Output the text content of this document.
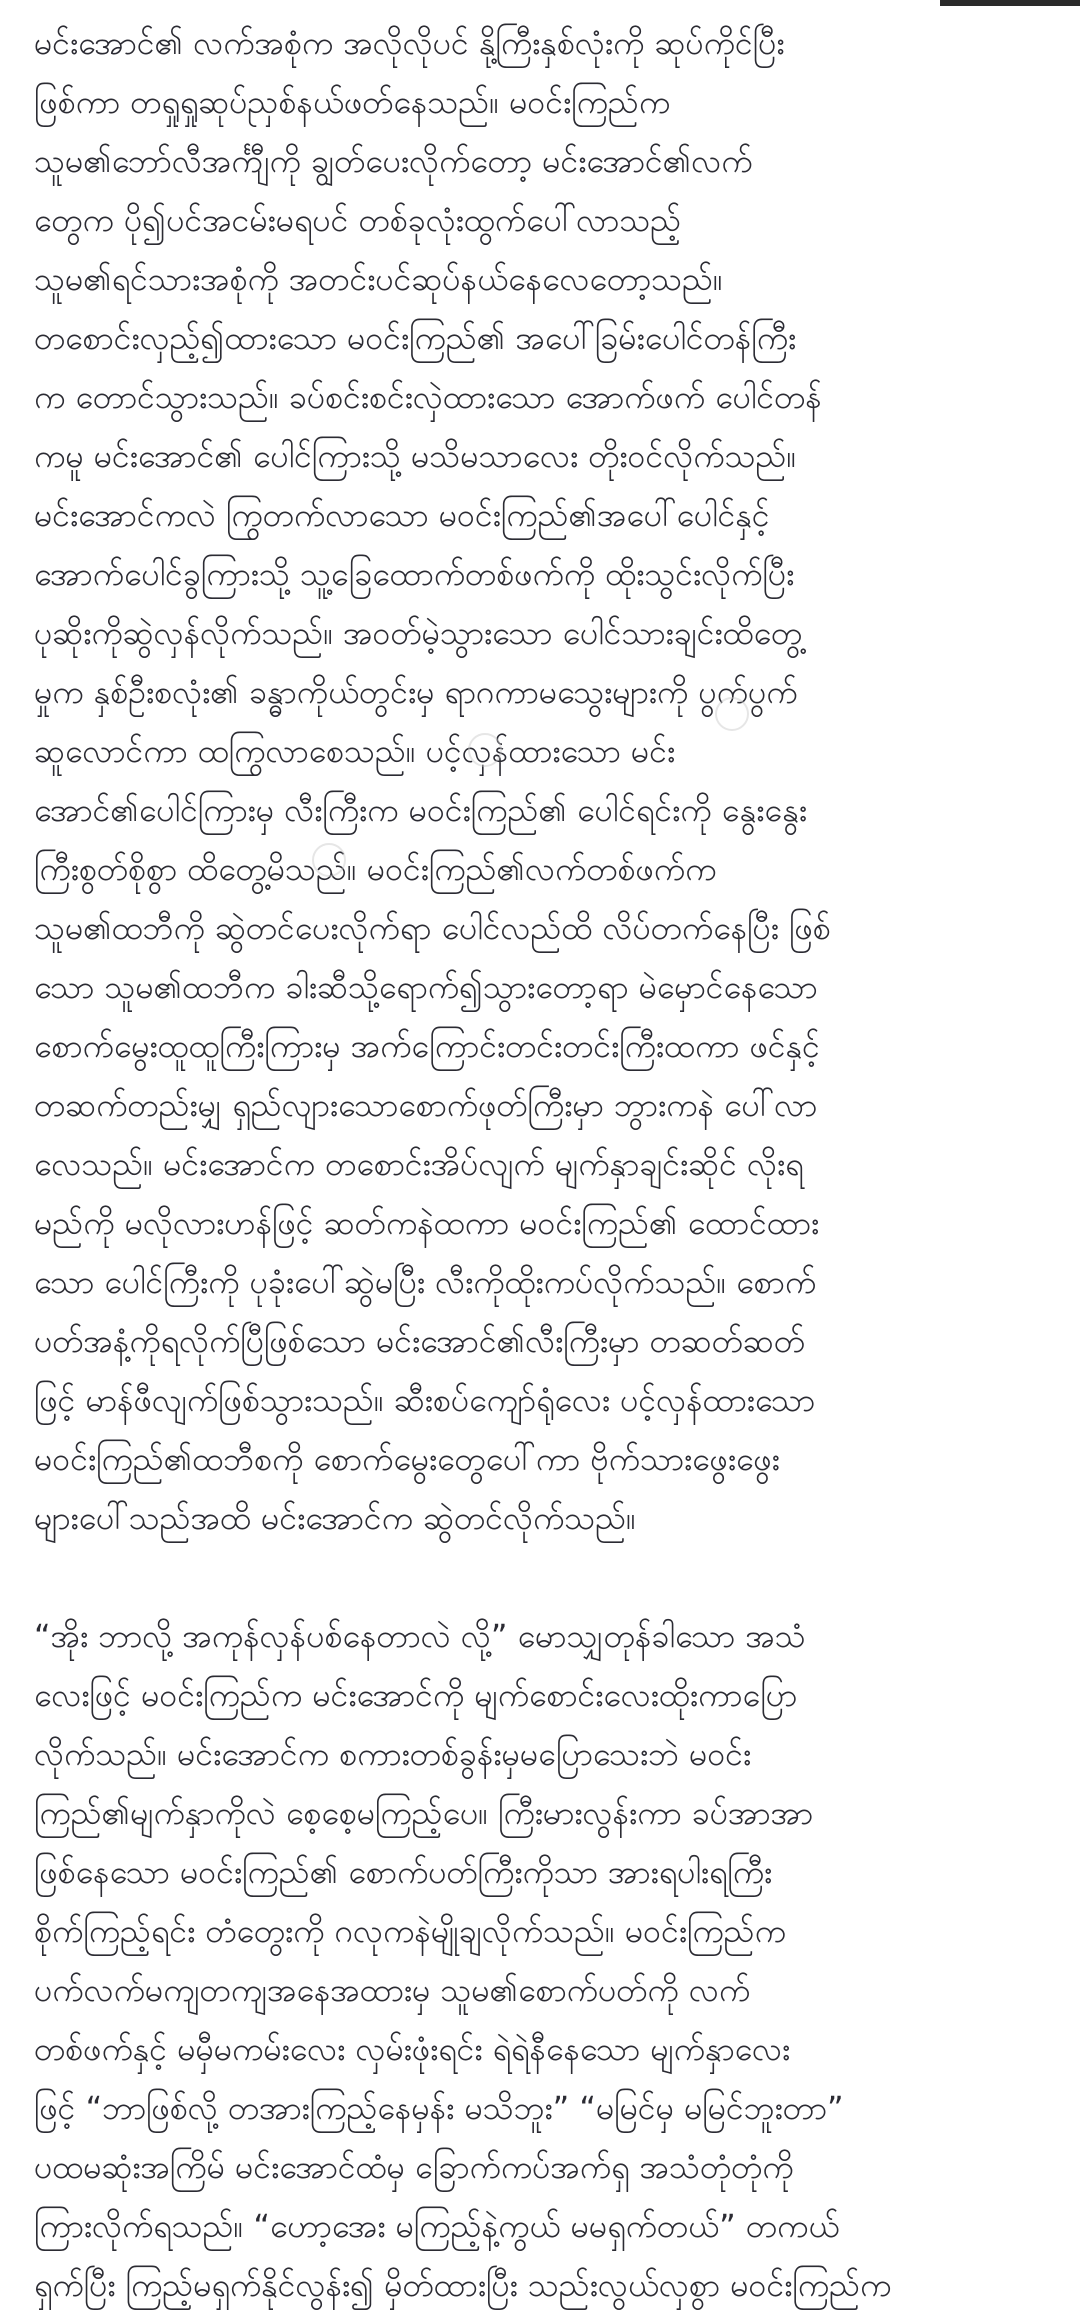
မင်းအောင်၏ လက်အစုံက အလိုလိုပင် နို့ကြီးနှစ်လုံးကို ဆုပ်ကိုင်ပြီး
ဖြစ်ကာ တရှုရှုဆုပ်ညှစ်နယ်ဖတ်နေသည်။ မဝင်းကြည်က
သူမ၏ဘော်လီအင်္ကျီကို ချွတ်ပေးလိုက်တော့ မင်းအောင်၏လက်
တွေက ပို၍ပင်အငမ်းမရပင် တစ်ခုလုံးထွက်ပေါ်လာသည့်
သူမ၏ရင်သားအစုံကို အတင်းပင်ဆုပ်နယ်နေလေတော့သည်။
တစောင်းလှည့်၍ထားသော မဝင်းကြည်၏ အပေါ်ခြမ်းပေါင်တန်ကြီး
က တောင်သွားသည်။ ခပ်စင်းစင်းလှဲထားသော အောက်ဖက် ပေါင်တန်
ကမူ မင်းအောင်၏ ပေါင်ကြားသို့ မသိမသာလေး တိုးဝင်လိုက်သည်။
မင်းအောင်ကလဲ ကြွတက်လာသော မဝင်းကြည်၏အပေါ်ပေါင်နှင့်
အောက်ပေါင်ခွကြားသို့ သူ့ခြေထောက်တစ်ဖက်ကို ထိုးသွင်းလိုက်ပြီး
ပုဆိုးကိုဆွဲလှန်လိုက်သည်။ အဝတ်မဲ့သွားသော ပေါင်သားချင်းထိတွေ့
မှုက နှစ်ဦးစလုံး၏ ခန္ဓာကိုယ်တွင်းမှ ရာဂကာမသွေးများကို ပွက်ပွက်
ဆူလောင်ကာ ထကြွလာစေသည်။ ပင့်လှန်ထားသော မင်း
အောင်၏ပေါင်ကြားမှ လီးကြီးက မဝင်းကြည်၏ ပေါင်ရင်းကို နွေးနွေး
ကြီးစွတ်စိုစွာ ထိတွေ့မိသည်။ မဝင်းကြည်၏လက်တစ်ဖက်က
သူမ၏ထဘီကို ဆွဲတင်ပေးလိုက်ရာ ပေါင်လည်ထိ လိပ်တက်နေပြီး ဖြစ်
သော သူမ၏ထဘီက ခါးဆီသို့ရောက်၍သွားတော့ရာ မဲမှောင်နေသော
စောက်မွေးထူထူကြီးကြားမှ အက်ကြောင်းတင်းတင်းကြီးထကာ ဖင်နှင့်
တဆက်တည်းမျှ ရှည်လျားသောစောက်ဖုတ်ကြီးမှာ ဘွားကနဲ ပေါ်လာ
လေသည်။ မင်းအောင်က တစောင်းအိပ်လျက် မျက်နှာချင်းဆိုင် လိုးရ
မည်ကို မလိုလားဟန်ဖြင့် ဆတ်ကနဲထကာ မဝင်းကြည်၏ ထောင်ထား
သော ပေါင်ကြီးကို ပုခုံးပေါ်ဆွဲမပြီး လီးကိုထိုးကပ်လိုက်သည်။ စောက်
ပတ်အနံ့ကိုရလိုက်ပြီဖြစ်သော မင်းအောင်၏လီးကြီးမှာ တဆတ်ဆတ်
ဖြင့် မာန်ဖီလျက်ဖြစ်သွားသည်။ ဆီးစပ်ကျော်ရုံလေး ပင့်လှန်ထားသော
မဝင်းကြည်၏ထဘီစကို စောက်မွေးတွေပေါ်ကာ ဗိုက်သားဖွေးဖွေး
များပေါ်သည်အထိ မင်းအောင်က ဆွဲတင်လိုက်သည်။
“အိုး ဘာလို့ အကုန်လှန်ပစ်နေတာလဲ လို့” မောသျှတုန်ခါသော အသံ
လေးဖြင့် မဝင်းကြည်က မင်းအောင်ကို မျက်စောင်းလေးထိုးကာပြော
လိုက်သည်။ မင်းအောင်က စကားတစ်ခွန်းမှမပြောသေးဘဲ မဝင်း
ကြည်၏မျက်နှာကိုလဲ စေ့စေ့မကြည့်ပေ။ ကြီးမားလွန်းကာ ခပ်အာအာ
ဖြစ်နေသော မဝင်းကြည်၏ စောက်ပတ်ကြီးကိုသာ အားရပါးရကြီး
စိုက်ကြည့်ရင်း တံတွေးကို ဂလုကနဲမျိုချလိုက်သည်။ မဝင်းကြည်က
ပက်လက်မကျတကျအနေအထားမှ သူမ၏စောက်ပတ်ကို လက်
တစ်ဖက်နှင့် မမှီမကမ်းလေး လှမ်းဖုံးရင်း ရဲရဲနီနေသော မျက်နှာလေး
ဖြင့် “ဘာဖြစ်လို့ တအားကြည့်နေမှန်း မသိဘူး” “မမြင်မှ မမြင်ဘူးတာ”
ပထမဆုံးအကြိမ် မင်းအောင်ထံမှ ခြောက်ကပ်အက်ရှ အသံတုံတုံကို
ကြားလိုက်ရသည်။ “ဟော့အေး မကြည့်နဲ့ကွယ် မမရှက်တယ်” တကယ်
ရှက်ပြီး ကြည့်မရှက်နိုင်လွန်း၍ မှိတ်ထားပြီး သည်းလွယ်လှစွာ မဝင်းကြည်က
